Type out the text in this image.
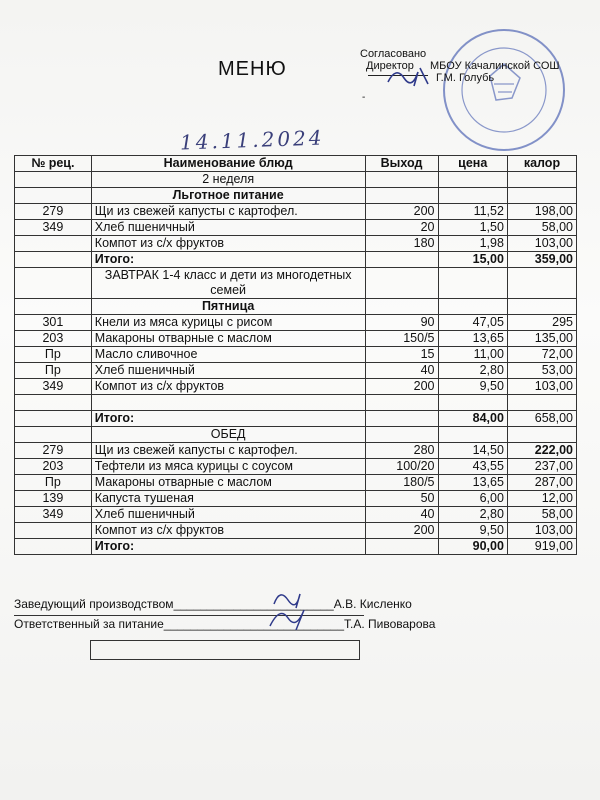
МЕНЮ
Согласовано
Директор
-
МБОУ Качалинской СОШ
Г.М. Голубь
14.11.2024
№ рец.	Наименование блюд	Выход	цена	калор
	2 неделя			
	Льготное питание			
279	Щи из свежей капусты с картофел.	200	11,52	198,00
349	Хлеб пшеничный	20	1,50	58,00
	Компот из с/х фруктов	180	1,98	103,00
	Итого:		15,00	359,00
	ЗАВТРАК 1-4 класс и дети из многодетных семей			
	Пятница			
301	Кнели из мяса курицы с рисом	90	47,05	295
203	Макароны отварные с маслом	150/5	13,65	135,00
Пр	Масло сливочное	15	11,00	72,00
Пр	Хлеб пшеничный	40	2,80	53,00
349	Компот из с/х фруктов	200	9,50	103,00

	Итого:		84,00	658,00
	ОБЕД			
279	Щи из свежей капусты с картофел.	280	14,50	222,00
203	Тефтели из мяса курицы с соусом	100/20	43,55	237,00
Пр	Макароны отварные с маслом	180/5	13,65	287,00
139	Капуста тушеная	50	6,00	12,00
349	Хлеб пшеничный	40	2,80	58,00
	Компот из с/х фруктов	200	9,50	103,00
	Итого:		90,00	919,00
Заведующий производством________________________А.В. Кисленко
Ответственный за питание___________________________Т.А. Пивоварова
